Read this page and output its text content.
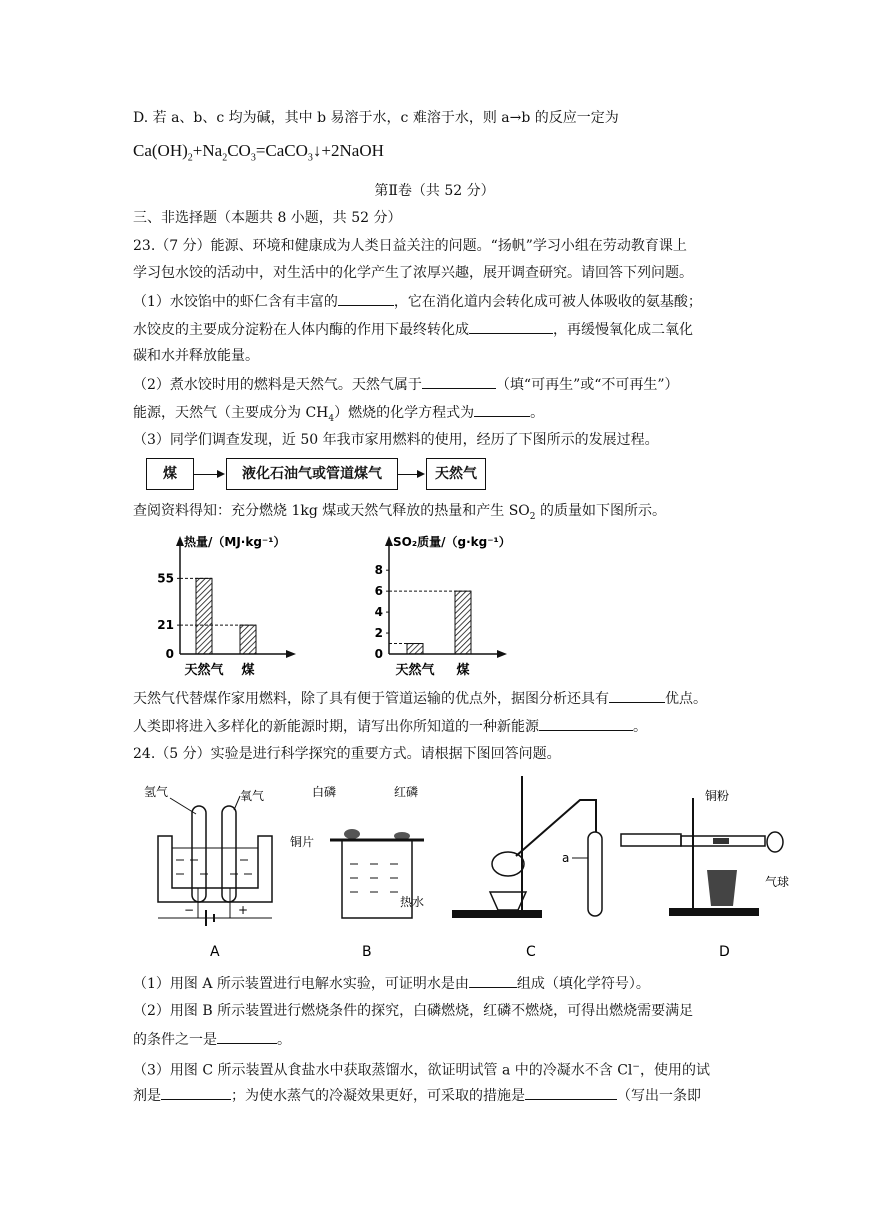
D. 若 a、b、c 均为碱，其中 b 易溶于水，c 难溶于水，则 a→b 的反应一定为
$Ca(OH)_2+Na_2CO_3=CaCO_3↓+2NaOH$
第Ⅱ卷（共 52 分）
三、非选择题（本题共 8 小题，共 52 分）
23.（7 分）能源、环境和健康成为人类日益关注的问题。“扬帆”学习小组在劳动教育课上
学习包水饺的活动中，对生活中的化学产生了浓厚兴趣，展开调查研究。请回答下列问题。
（1）水饺馅中的虾仁含有丰富的	，它在消化道内会转化成可被人体吸收的氨基酸；
水饺皮的主要成分淀粉在人体内酶的作用下最终转化成	，再缓慢氧化成二氧化
碳和水并释放能量。
（2）煮水饺时用的燃料是天然气。天然气属于	（填“可再生”或“不可再生”）
能源，天然气（主要成分为 $CH_4$）燃烧的化学方程式为	。
（3）同学们调查发现，近 50 年我市家用燃料的使用，经历了下图所示的发展过程。
煤	液化石油气或管道煤气	天然气
查阅资料得知：充分燃烧 1kg 煤或天然气释放的热量和产生 $SO_2$ 的质量如下图所示。
热量/（MJ·kg⁻¹）
0
21
55
天然气 煤
SO₂质量/（g·kg⁻¹）
0
2
4
6
8
天然气 煤
天然气代替煤作家用燃料，除了具有便于管道运输的优点外，据图分析还具有	优点。
人类即将进入多样化的新能源时期，请写出你所知道的一种新能源	。
24.（5 分）实验是进行科学探究的重要方式。请根据下图回答问题。
氢气	氧气
−	+
A
白磷	红磷
铜片
热水
B
a
C
铜粉
气球
D
（1）用图 A 所示装置进行电解水实验，可证明水是由	组成（填化学符号）。
（2）用图 B 所示装置进行燃烧条件的探究，白磷燃烧，红磷不燃烧，可得出燃烧需要满足
的条件之一是	。
（3）用图 C 所示装置从食盐水中获取蒸馏水，欲证明试管 a 中的冷凝水不含 Cl−，使用的试
剂是	；为使水蒸气的冷凝效果更好，可采取的措施是	（写出一条即
